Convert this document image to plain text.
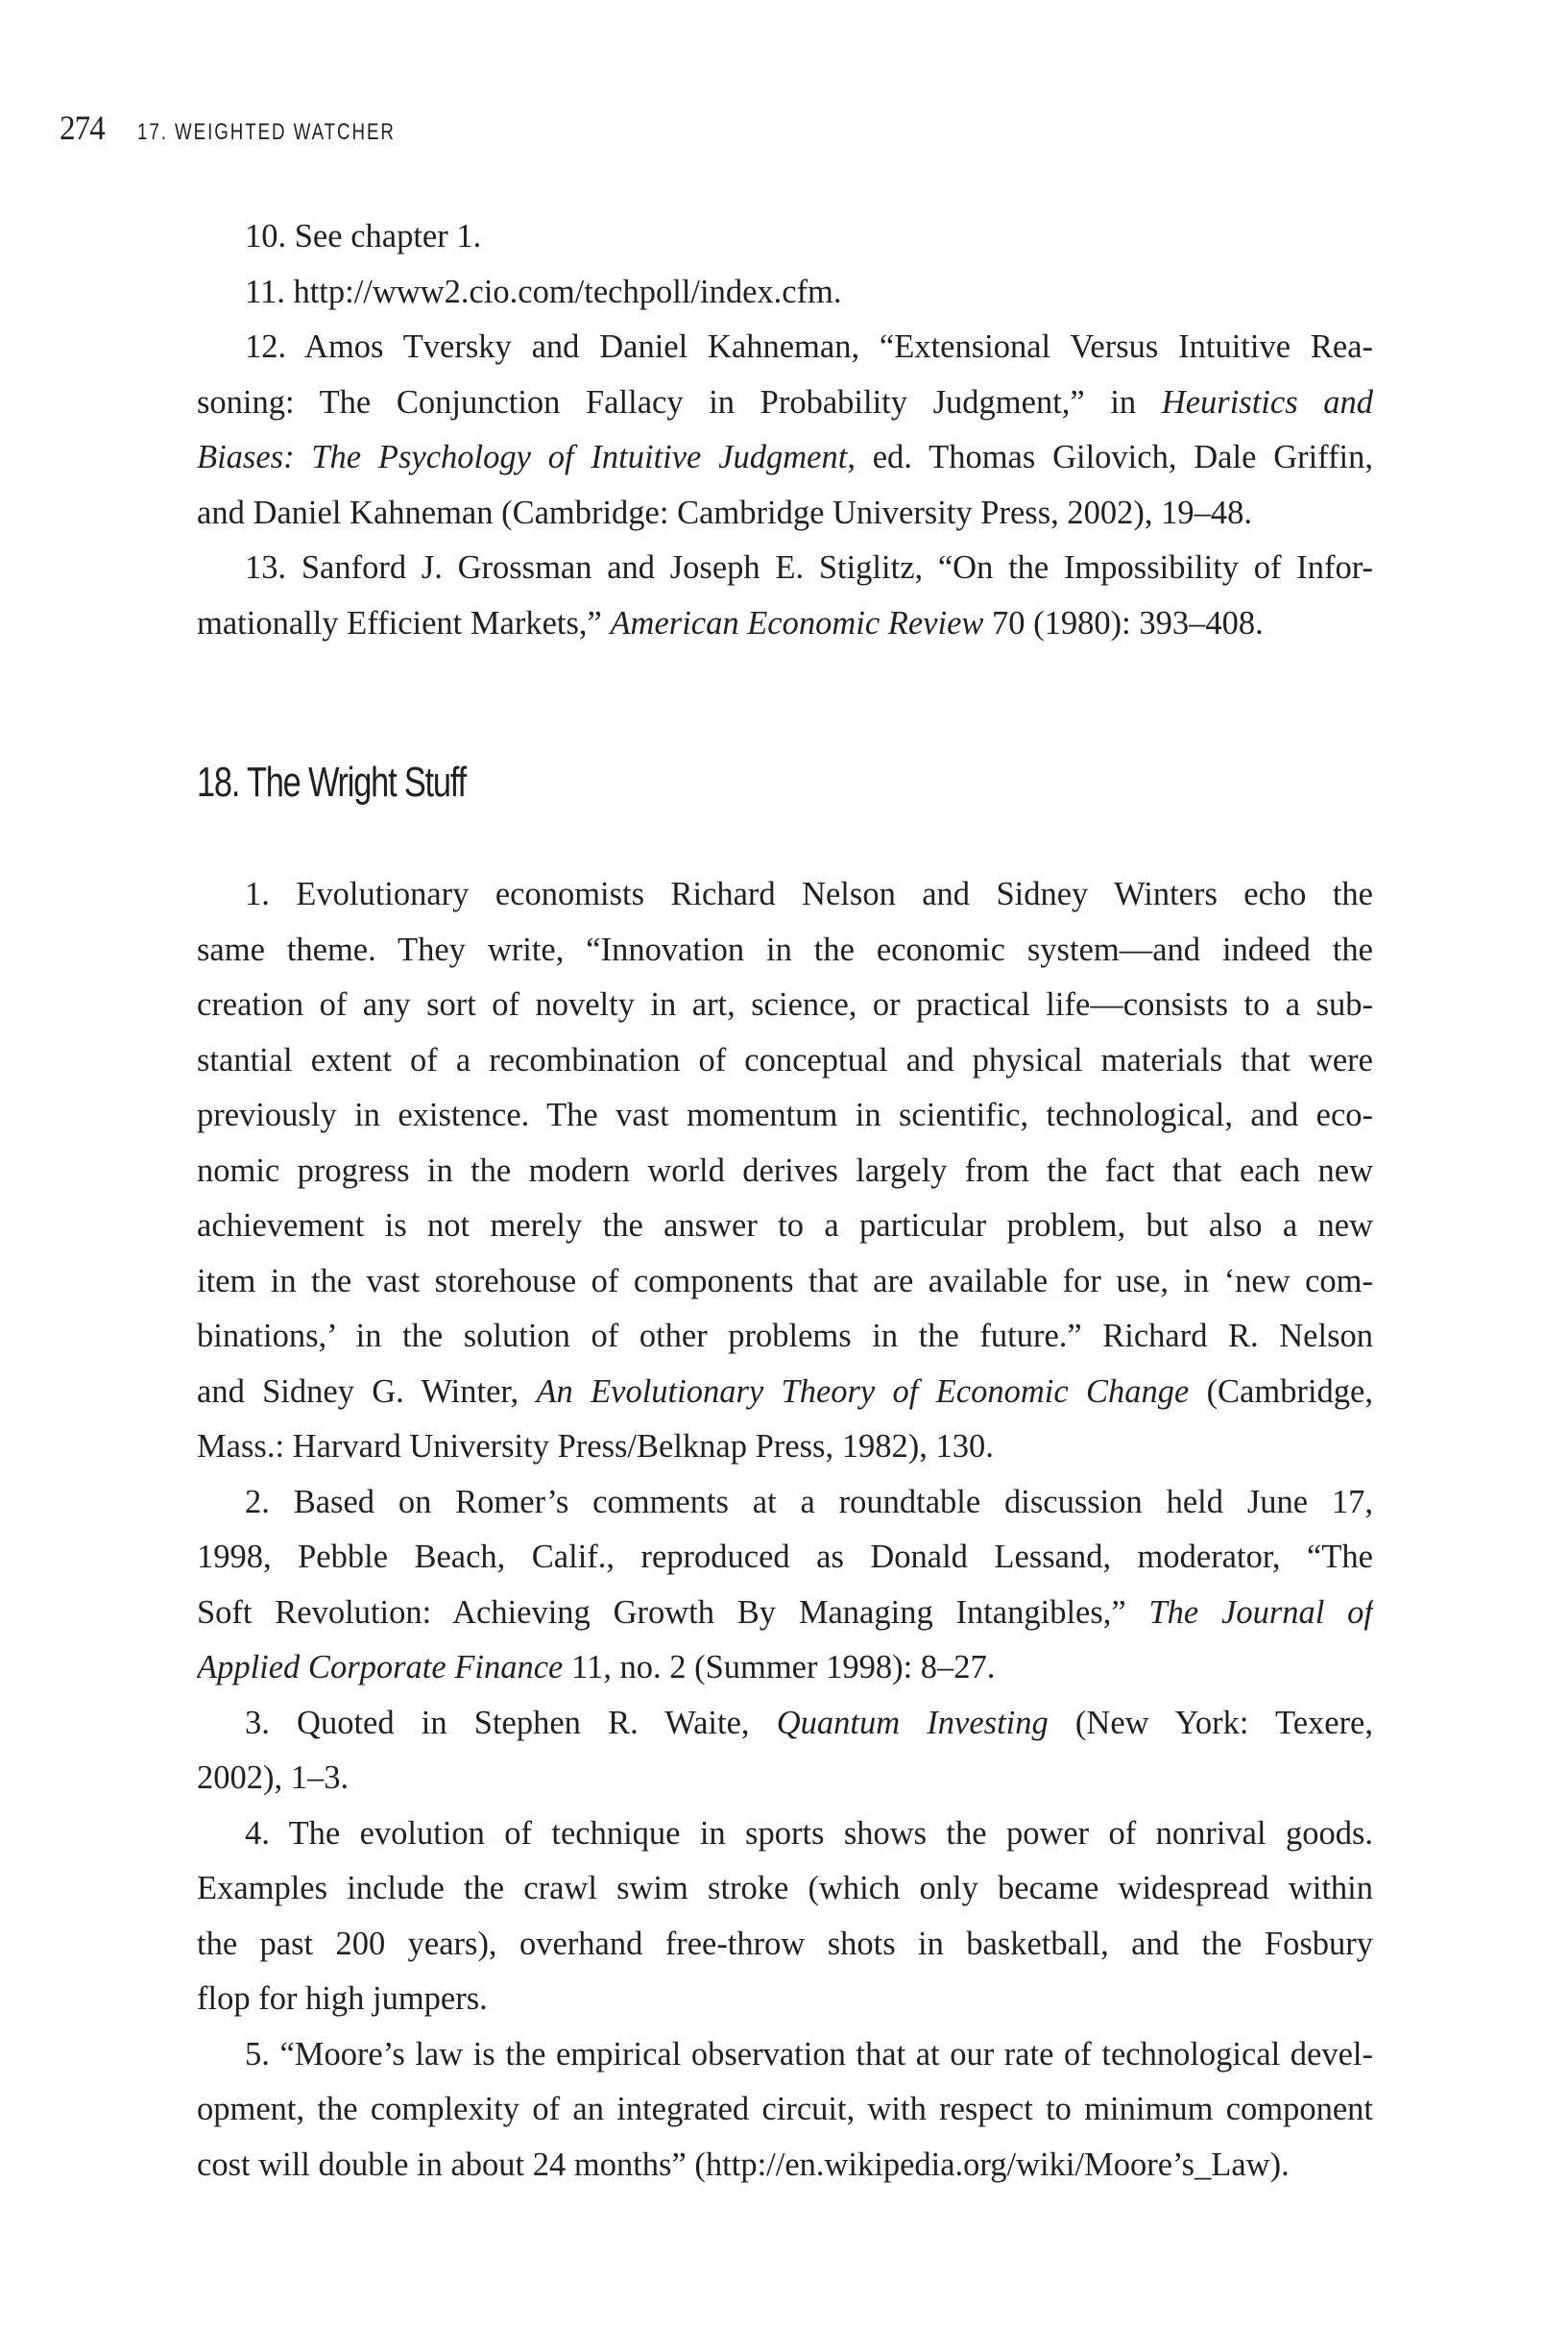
274 17. WEIGHTED WATCHER
10. See chapter 1.
11. http://www2.cio.com/techpoll/index.cfm.
12. Amos Tversky and Daniel Kahneman, “Extensional Versus Intuitive Rea-
soning: The Conjunction Fallacy in Probability Judgment,” in Heuristics and
Biases: The Psychology of Intuitive Judgment, ed. Thomas Gilovich, Dale Griffin,
and Daniel Kahneman (Cambridge: Cambridge University Press, 2002), 19–48.
13. Sanford J. Grossman and Joseph E. Stiglitz, “On the Impossibility of Infor-
mationally Efficient Markets,” American Economic Review 70 (1980): 393–408.
18. The Wright Stuff
1. Evolutionary economists Richard Nelson and Sidney Winters echo the
same theme. They write, “Innovation in the economic system—and indeed the
creation of any sort of novelty in art, science, or practical life—consists to a sub-
stantial extent of a recombination of conceptual and physical materials that were
previously in existence. The vast momentum in scientific, technological, and eco-
nomic progress in the modern world derives largely from the fact that each new
achievement is not merely the answer to a particular problem, but also a new
item in the vast storehouse of components that are available for use, in ‘new com-
binations,’ in the solution of other problems in the future.” Richard R. Nelson
and Sidney G. Winter, An Evolutionary Theory of Economic Change (Cambridge,
Mass.: Harvard University Press/Belknap Press, 1982), 130.
2. Based on Romer’s comments at a roundtable discussion held June 17,
1998, Pebble Beach, Calif., reproduced as Donald Lessand, moderator, “The
Soft Revolution: Achieving Growth By Managing Intangibles,” The Journal of
Applied Corporate Finance 11, no. 2 (Summer 1998): 8–27.
3. Quoted in Stephen R. Waite, Quantum Investing (New York: Texere,
2002), 1–3.
4. The evolution of technique in sports shows the power of nonrival goods.
Examples include the crawl swim stroke (which only became widespread within
the past 200 years), overhand free-throw shots in basketball, and the Fosbury
flop for high jumpers.
5. “Moore’s law is the empirical observation that at our rate of technological devel-
opment, the complexity of an integrated circuit, with respect to minimum component
cost will double in about 24 months” (http://en.wikipedia.org/wiki/Moore’s_Law).
